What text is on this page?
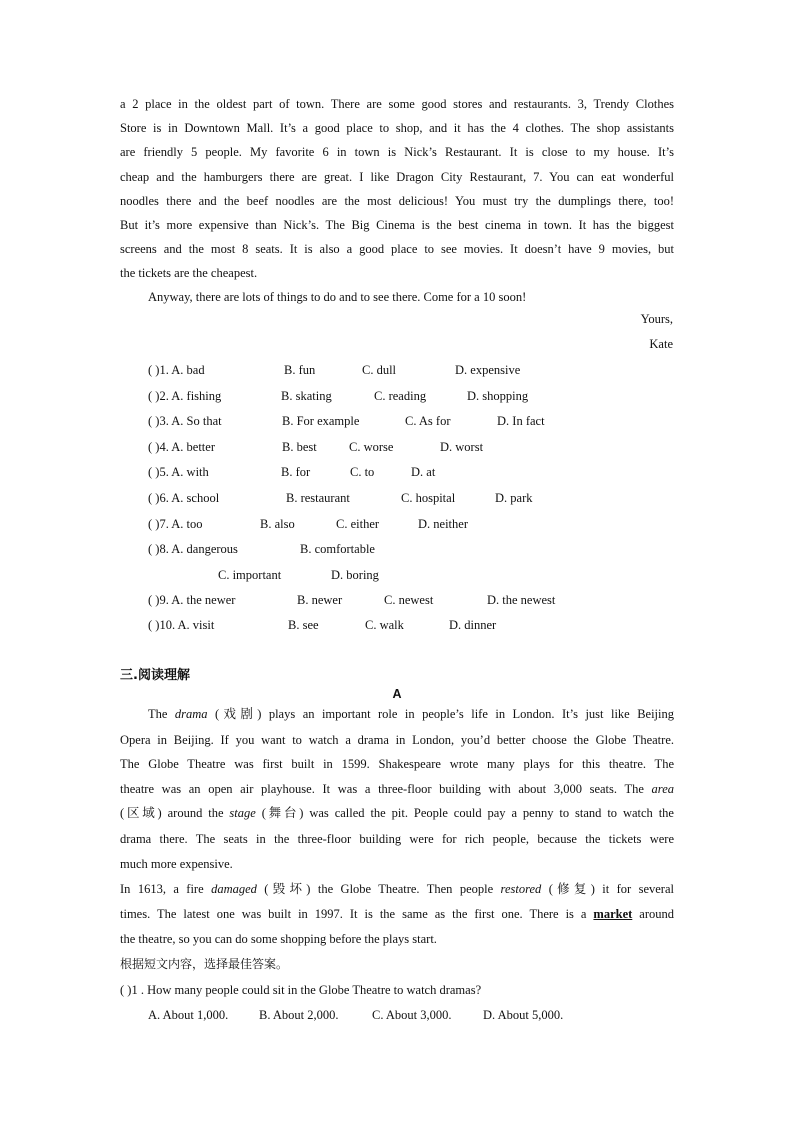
a 2 place in the oldest part of town. There are some good stores and restaurants. 3, Trendy Clothes
Store is in Downtown Mall. It’s a good place to shop, and it has the 4 clothes. The shop assistants
are friendly 5 people. My favorite 6 in town is Nick’s Restaurant. It is close to my house. It’s
cheap and the hamburgers there are great. I like Dragon City Restaurant, 7. You can eat wonderful
noodles there and the beef noodles are the most delicious! You must try the dumplings there, too!
But it’s more expensive than Nick’s. The Big Cinema is the best cinema in town. It has the biggest
screens and the most 8 seats. It is also a good place to see movies. It doesn’t have 9 movies, but
the tickets are the cheapest.
Anyway, there are lots of things to do and to see there. Come for a 10 soon!
Yours,
Kate
( )1. A. bad	B. fun	C. dull	D. expensive
( )2. A. fishing	B. skating	C. reading	D. shopping
( )3. A. So that	B. For example	C. As for	D. In fact
( )4. A. better	B. best	C. worse	D. worst
( )5. A. with	B. for	C. to	D. at
( )6. A. school	B. restaurant	C. hospital	D. park
( )7. A. too	B. also	C. either	D. neither
( )8. A. dangerous	B. comfortable
C. important	D. boring
( )9. A. the newer	B. newer	C. newest	D. the newest
( )10. A. visit	B. see	C. walk	D. dinner
三.阅读理解
A
The drama (戏剧) plays an important role in people’s life in London. It’s just like Beijing
Opera in Beijing. If you want to watch a drama in London, you’d better choose the Globe Theatre.
The Globe Theatre was first built in 1599. Shakespeare wrote many plays for this theatre. The
theatre was an open air playhouse. It was a three-floor building with about 3,000 seats. The area
(区域) around the stage (舞台) was called the pit. People could pay a penny to stand to watch the
drama there. The seats in the three-floor building were for rich people, because the tickets were
much more expensive.
In 1613, a fire damaged (毁坏) the Globe Theatre. Then people restored (修复) it for several
times. The latest one was built in 1997. It is the same as the first one. There is a market around
the theatre, so you can do some shopping before the plays start.
根据短文内容，选择最佳答案。
( )1 . How many people could sit in the Globe Theatre to watch dramas?
A. About 1,000. B. About 2,000.	C. About 3,000.	D. About 5,000.
